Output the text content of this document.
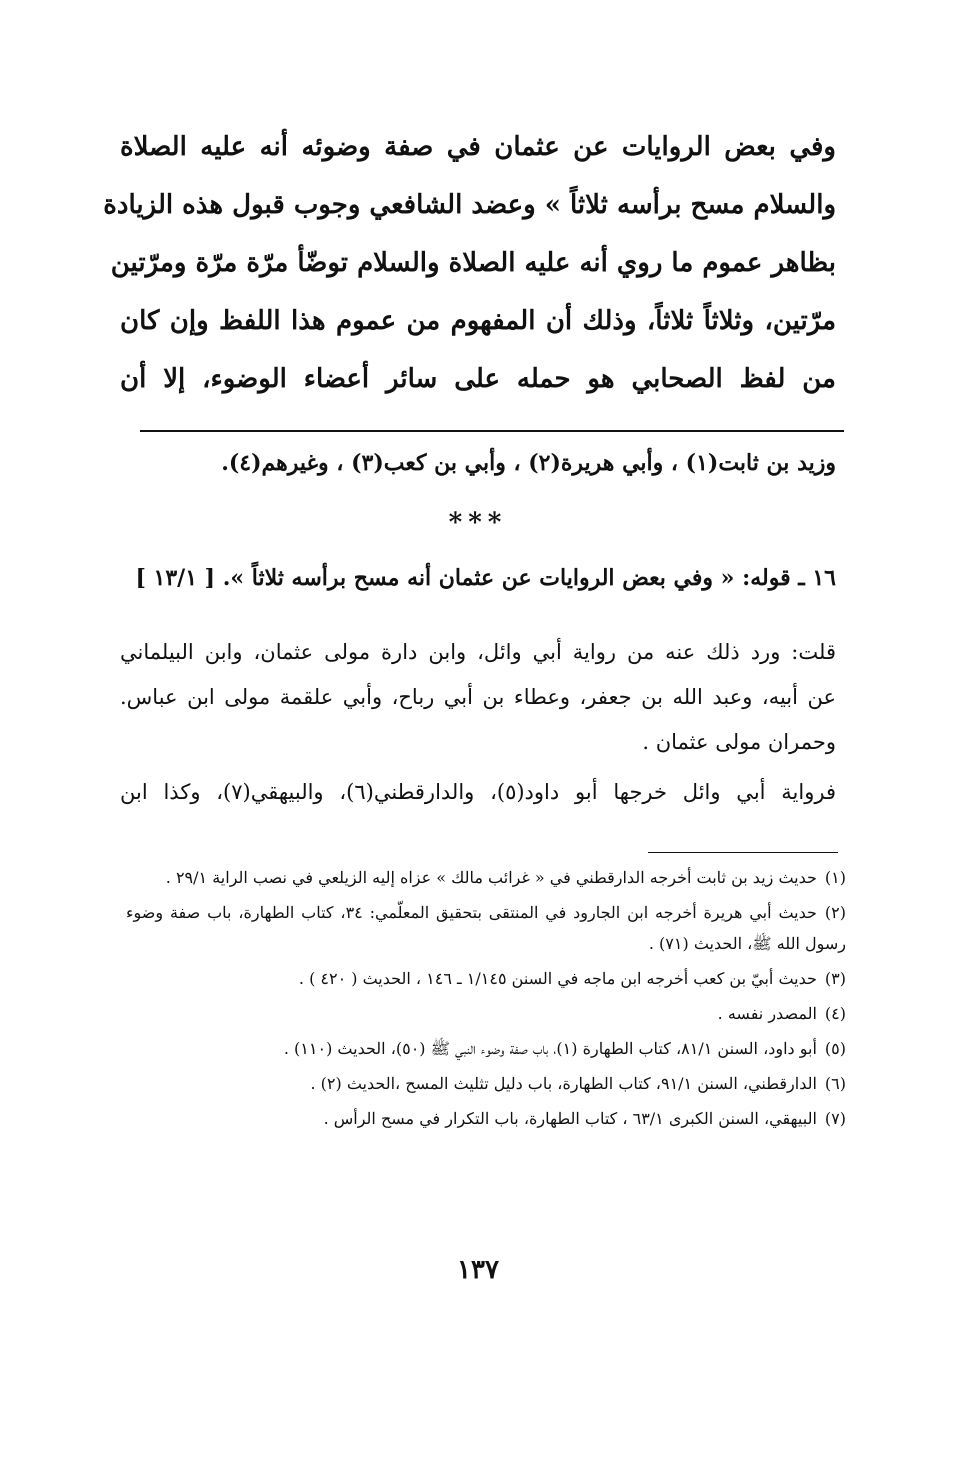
وفي بعض الروايات عن عثمان في صفة وضوئه أنه عليه الصلاة
والسلام مسح برأسه ثلاثاً » وعضد الشافعي وجوب قبول هذه الزيادة
بظاهر عموم ما روي أنه عليه الصلاة والسلام توضّأ مرّة مرّة ومرّتين
مرّتين، وثلاثاً ثلاثاً، وذلك أن المفهوم من عموم هذا اللفظ وإن كان
من لفظ الصحابي هو حمله على سائر أعضاء الوضوء، إلا أن
وزيد بن ثابت(١) ، وأبي هريرة(٢) ، وأبي بن كعب(٣) ، وغيرهم(٤).
***
١٦ ـ قوله: « وفي بعض الروايات عن عثمان أنه مسح برأسه ثلاثاً ». [ ١٣/١ ]
قلت: ورد ذلك عنه من رواية أبي وائل، وابن دارة مولى عثمان، وابن البيلماني
عن أبيه، وعبد الله بن جعفر، وعطاء بن أبي رباح، وأبي علقمة مولى ابن عباس.
وحمران مولى عثمان .
فرواية أبي وائل خرجها أبو داود(٥)، والدارقطني(٦)، والبيهقي(٧)، وكذا ابن
(١)حديث زيد بن ثابت أخرجه الدارقطني في « غرائب مالك » عزاه إليه الزيلعي في نصب الراية ٢٩/١ .
(٢)حديث أبي هريرة أخرجه ابن الجارود في المنتقى بتحقيق المعلّمي: ٣٤، كتاب الطهارة، باب صفة وضوء رسول الله ﷺ، الحديث (٧١) .
(٣)حديث أبيّ بن كعب أخرجه ابن ماجه في السنن ١/١٤٥ ـ ١٤٦ ، الحديث ( ٤٢٠ ) .
(٤)المصدر نفسه .
(٥)أبو داود، السنن ٨١/١، كتاب الطهارة (١)، باب صفة وضوء النبي ﷺ (٥٠)، الحديث (١١٠) .
(٦)الدارقطني، السنن ٩١/١، كتاب الطهارة، باب دليل تثليث المسح ،الحديث (٢) .
(٧)البيهقي، السنن الكبرى ٦٣/١ ، كتاب الطهارة، باب التكرار في مسح الرأس .
١٣٧
